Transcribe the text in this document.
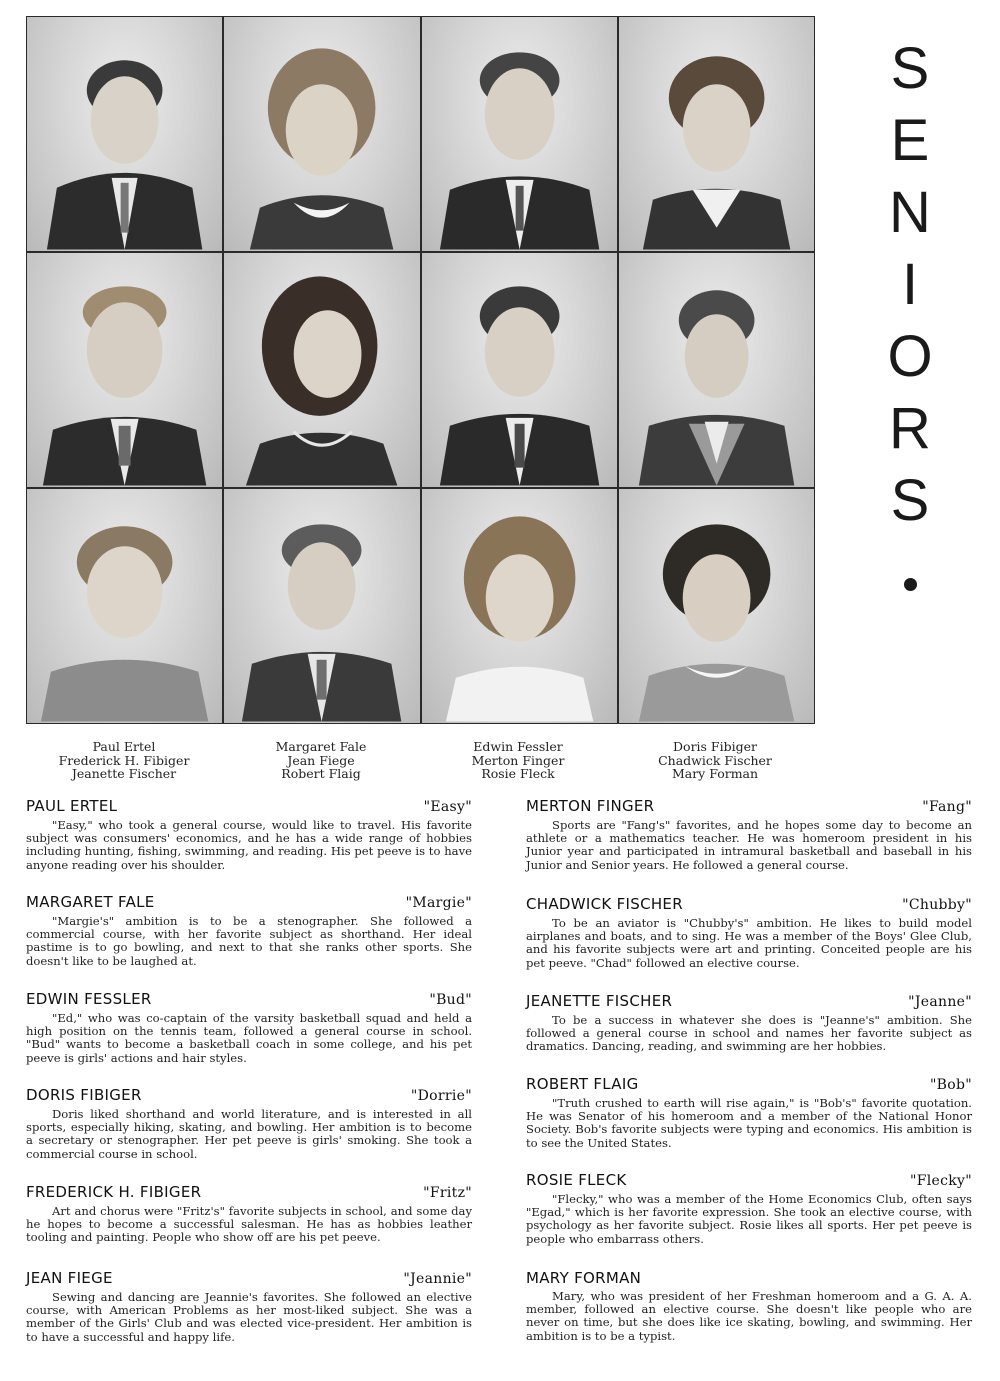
S
E
N
I
O
R
S
Paul Ertel
Frederick H. Fibiger
Jeanette Fischer
Margaret Fale
Jean Fiege
Robert Flaig
Edwin Fessler
Merton Finger
Rosie Fleck
Doris Fibiger
Chadwick Fischer
Mary Forman
PAUL ERTEL	"Easy"

"Easy," who took a general course, would like to travel. His favorite subject was consumers' economics, and he has a wide range of hobbies including hunting, fishing, swimming, and reading. His pet peeve is to have anyone reading over his shoulder.

MARGARET FALE	"Margie"

"Margie's" ambition is to be a stenographer. She followed a commercial course, with her favorite subject as shorthand. Her ideal pastime is to go bowling, and next to that she ranks other sports. She doesn't like to be laughed at.

EDWIN FESSLER	"Bud"

"Ed," who was co-captain of the varsity basketball squad and held a high position on the tennis team, followed a general course in school. "Bud" wants to become a basketball coach in some college, and his pet peeve is girls' actions and hair styles.

DORIS FIBIGER	"Dorrie"

Doris liked shorthand and world literature, and is interested in all sports, especially hiking, skating, and bowling. Her ambition is to become a secretary or stenographer. Her pet peeve is girls' smoking. She took a commercial course in school.

FREDERICK H. FIBIGER	"Fritz"

Art and chorus were "Fritz's" favorite subjects in school, and some day he hopes to become a successful salesman. He has as hobbies leather tooling and painting. People who show off are his pet peeve.

JEAN FIEGE	"Jeannie"

Sewing and dancing are Jeannie's favorites. She followed an elective course, with American Problems as her most-liked subject. She was a member of the Girls' Club and was elected vice-president. Her ambition is to have a successful and happy life.

MERTON FINGER	"Fang"

Sports are "Fang's" favorites, and he hopes some day to become an athlete or a mathematics teacher. He was homeroom president in his Junior year and participated in intramural basketball and baseball in his Junior and Senior years. He followed a general course.

CHADWICK FISCHER	"Chubby"

To be an aviator is "Chubby's" ambition. He likes to build model airplanes and boats, and to sing. He was a member of the Boys' Glee Club, and his favorite subjects were art and printing. Conceited people are his pet peeve. "Chad" followed an elective course.

JEANETTE FISCHER	"Jeanne"

To be a success in whatever she does is "Jeanne's" ambition. She followed a general course in school and names her favorite subject as dramatics. Dancing, reading, and swimming are her hobbies.

ROBERT FLAIG	"Bob"

"Truth crushed to earth will rise again," is "Bob's" favorite quotation. He was Senator of his homeroom and a member of the National Honor Society. Bob's favorite subjects were typing and economics. His ambition is to see the United States.

ROSIE FLECK	"Flecky"

"Flecky," who was a member of the Home Economics Club, often says "Egad," which is her favorite expression. She took an elective course, with psychology as her favorite subject. Rosie likes all sports. Her pet peeve is people who embarrass others.

MARY FORMAN

Mary, who was president of her Freshman homeroom and a G. A. A. member, followed an elective course. She doesn't like people who are never on time, but she does like ice skating, bowling, and swimming. Her ambition is to be a typist.
